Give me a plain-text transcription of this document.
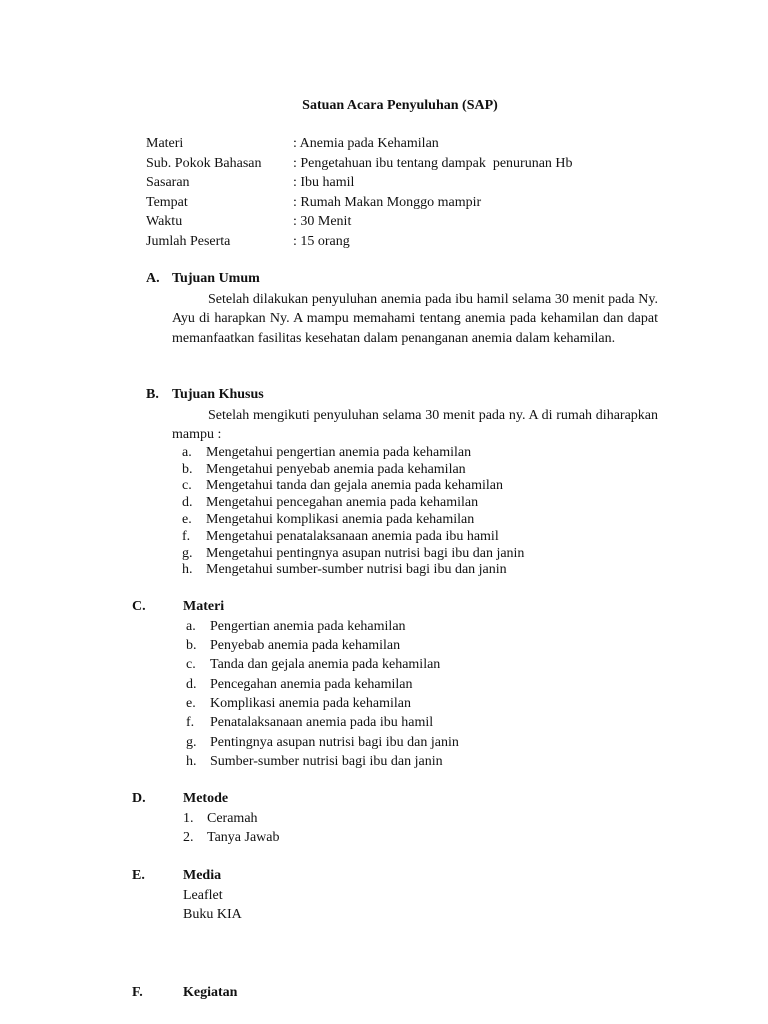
Satuan Acara Penyuluhan (SAP)
Materi	: Anemia pada Kehamilan
Sub. Pokok Bahasan	: Pengetahuan ibu tentang dampak  penurunan Hb
Sasaran	: Ibu hamil
Tempat	: Rumah Makan Monggo mampir
Waktu	: 30 Menit
Jumlah Peserta	: 15 orang
A. Tujuan Umum
Setelah dilakukan penyuluhan anemia pada ibu hamil selama 30 menit pada Ny. Ayu di harapkan Ny. A mampu memahami tentang anemia pada kehamilan dan dapat memanfaatkan fasilitas kesehatan dalam penanganan anemia dalam kehamilan.
B. Tujuan Khusus
Setelah mengikuti penyuluhan selama 30 menit pada ny. A di rumah diharapkan mampu :
a.	Mengetahui pengertian anemia pada kehamilan
b. Mengetahui penyebab anemia pada kehamilan
c.	Mengetahui tanda dan gejala anemia pada kehamilan
d. Mengetahui pencegahan anemia pada kehamilan
e.	Mengetahui komplikasi anemia pada kehamilan
f.	Mengetahui penatalaksanaan anemia pada ibu hamil
g. Mengetahui pentingnya asupan nutrisi bagi ibu dan janin
h. Mengetahui sumber-sumber nutrisi bagi ibu dan janin
C.	Materi
a.	Pengertian anemia pada kehamilan
b. Penyebab anemia pada kehamilan
c.	Tanda dan gejala anemia pada kehamilan
d. Pencegahan anemia pada kehamilan
e.	Komplikasi anemia pada kehamilan
f.	Penatalaksanaan anemia pada ibu hamil
g. Pentingnya asupan nutrisi bagi ibu dan janin
h. Sumber-sumber nutrisi bagi ibu dan janin
D.	Metode
1. Ceramah
2. Tanya Jawab
E.	Media
Leaflet
Buku KIA
F.	Kegiatan
